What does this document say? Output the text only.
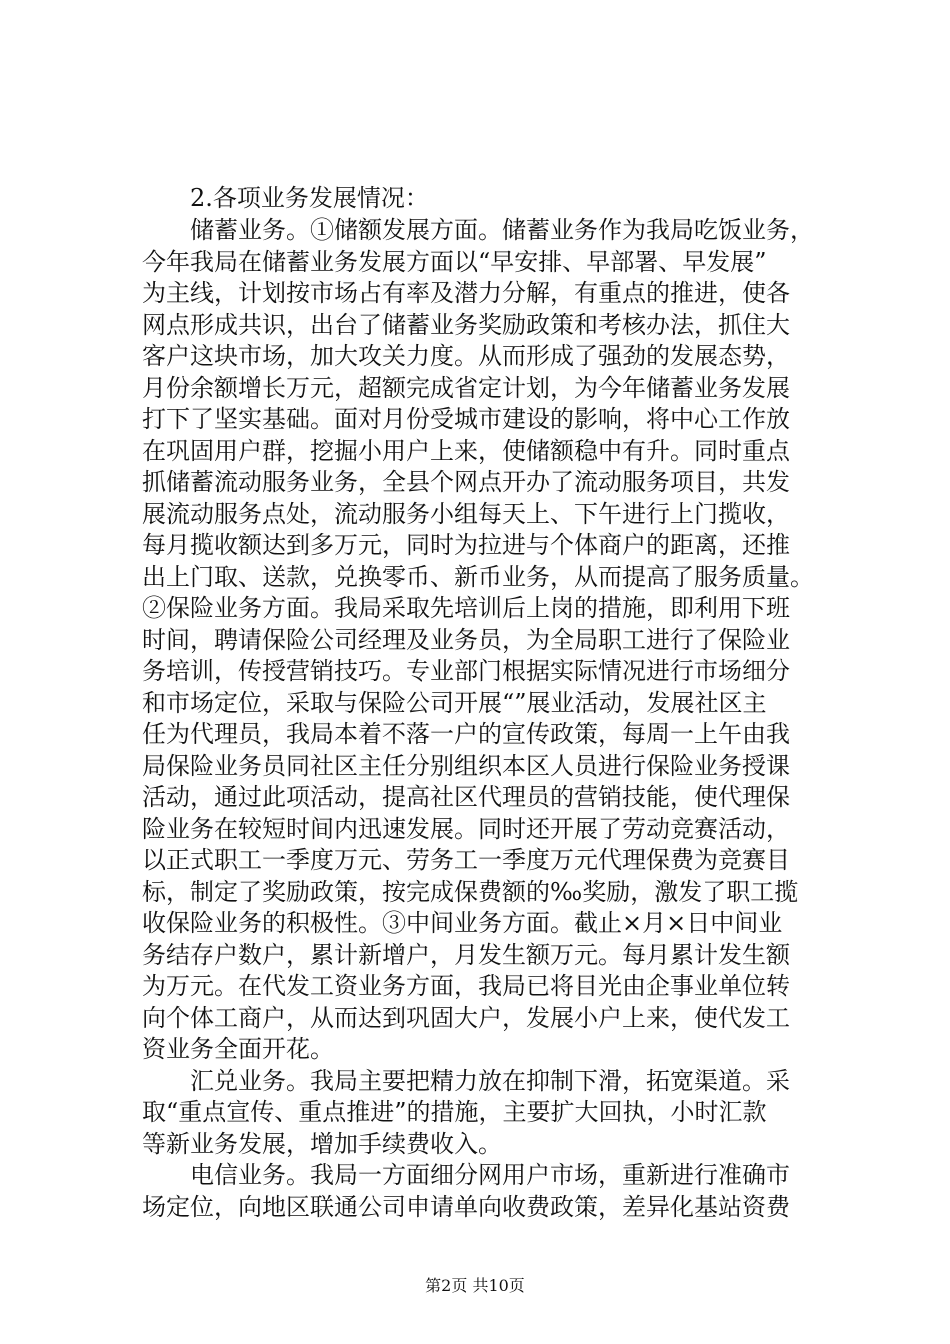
　　2.各项业务发展情况：
　　储蓄业务。①储额发展方面。储蓄业务作为我局吃饭业务，
今年我局在储蓄业务发展方面以“早安排、早部署、早发展”
为主线，计划按市场占有率及潜力分解，有重点的推进，使各
网点形成共识，出台了储蓄业务奖励政策和考核办法，抓住大
客户这块市场，加大攻关力度。从而形成了强劲的发展态势，
月份余额增长万元，超额完成省定计划，为今年储蓄业务发展
打下了坚实基础。面对月份受城市建设的影响，将中心工作放
在巩固用户群，挖掘小用户上来，使储额稳中有升。同时重点
抓储蓄流动服务业务，全县个网点开办了流动服务项目，共发
展流动服务点处，流动服务小组每天上、下午进行上门揽收，
每月揽收额达到多万元，同时为拉进与个体商户的距离，还推
出上门取、送款，兑换零币、新币业务，从而提高了服务质量。
②保险业务方面。我局采取先培训后上岗的措施，即利用下班
时间，聘请保险公司经理及业务员，为全局职工进行了保险业
务培训，传授营销技巧。专业部门根据实际情况进行市场细分
和市场定位，采取与保险公司开展“”展业活动，发展社区主
任为代理员，我局本着不落一户的宣传政策，每周一上午由我
局保险业务员同社区主任分别组织本区人员进行保险业务授课
活动，通过此项活动，提高社区代理员的营销技能，使代理保
险业务在较短时间内迅速发展。同时还开展了劳动竞赛活动，
以正式职工一季度万元、劳务工一季度万元代理保费为竞赛目
标，制定了奖励政策，按完成保费额的‰奖励，激发了职工揽
收保险业务的积极性。③中间业务方面。截止×月×日中间业
务结存户数户，累计新增户，月发生额万元。每月累计发生额
为万元。在代发工资业务方面，我局已将目光由企事业单位转
向个体工商户，从而达到巩固大户，发展小户上来，使代发工
资业务全面开花。
　　汇兑业务。我局主要把精力放在抑制下滑，拓宽渠道。采
取“重点宣传、重点推进”的措施，主要扩大回执，小时汇款
等新业务发展，增加手续费收入。
　　电信业务。我局一方面细分网用户市场，重新进行准确市
场定位，向地区联通公司申请单向收费政策，差异化基站资费
第2页 共10页
